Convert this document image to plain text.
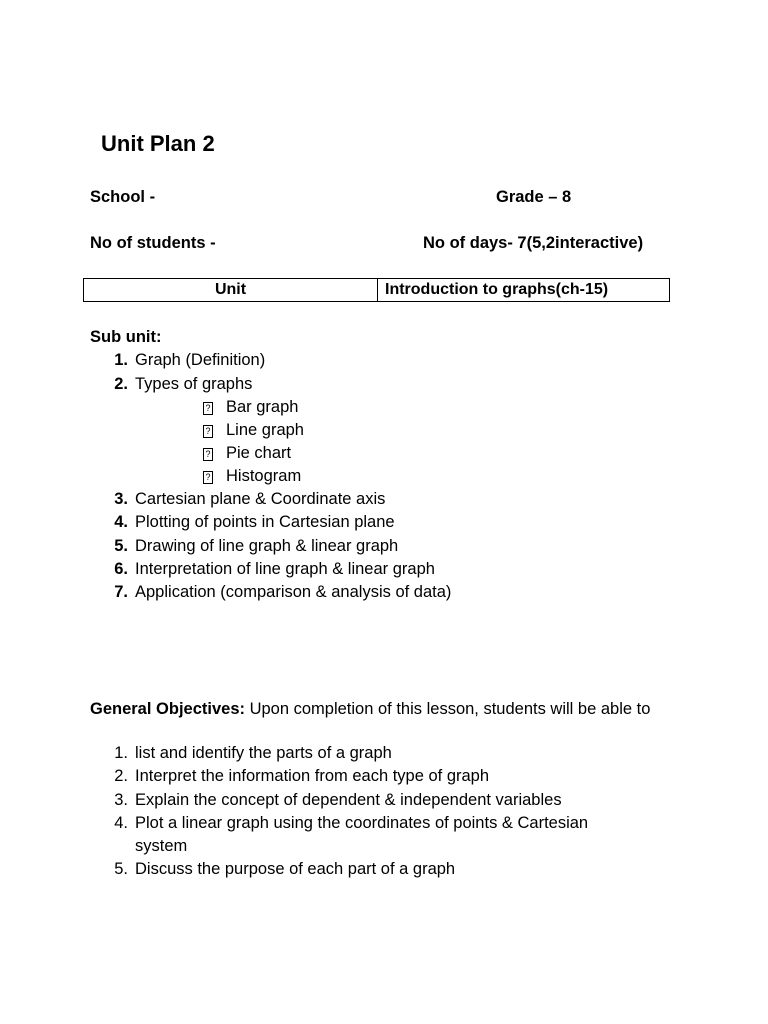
Unit Plan 2
School -	Grade – 8
No of students -	No of days- 7(5,2interactive)
Unit	Introduction to graphs(ch-15)
Sub unit:
1. Graph (Definition)
2. Types of graphs
? Bar graph
? Line graph
? Pie chart
? Histogram
3. Cartesian plane & Coordinate axis
4. Plotting of points in Cartesian plane
5. Drawing of line graph & linear graph
6. Interpretation of line graph & linear graph
7. Application (comparison & analysis of data)
General Objectives: Upon completion of this lesson, students will be able to
1. list and identify the parts of a graph
2. Interpret the information from each type of graph
3. Explain the concept of dependent & independent variables
4. Plot a linear graph using the coordinates of points & Cartesian
system
5. Discuss the purpose of each part of a graph
